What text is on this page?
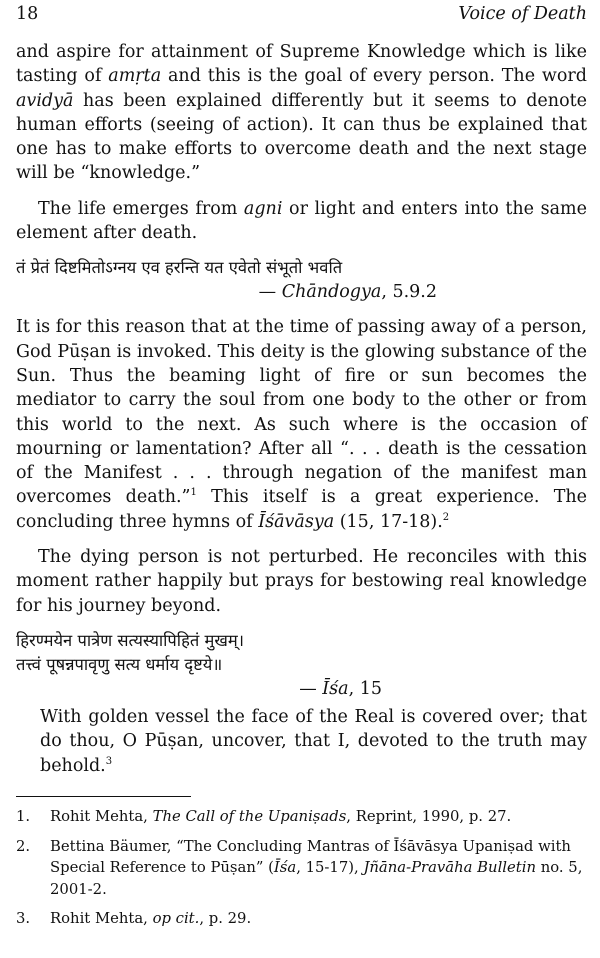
18	Voice of Death

and aspire for attainment of Supreme Knowledge which is like tasting of amṛta and this is the goal of every person. The word avidyā has been explained differently but it seems to denote human efforts (seeing of action). It can thus be explained that one has to make efforts to overcome death and the next stage will be “knowledge.”

The life emerges from agni or light and enters into the same element after death.

तं प्रेतं दिष्टमितोऽग्नय एव हरन्ति यत एवेतो संभूतो भवति

— Chāndogya, 5.9.2

It is for this reason that at the time of passing away of a person, God Pūṣan is invoked. This deity is the glowing substance of the Sun. Thus the beaming light of fire or sun becomes the mediator to carry the soul from one body to the other or from this world to the next. As such where is the occasion of mourning or lamentation? After all “. . . death is the cessation of the Manifest . . . through negation of the manifest man overcomes death.”$^1$ This itself is a great experience. The concluding three hymns of Īśāvāsya (15, 17-18).$^2$

The dying person is not perturbed. He reconciles with this moment rather happily but prays for bestowing real knowledge for his journey beyond.

हिरण्मयेन पात्रेण सत्यस्यापिहितं मुखम्।

तत्त्वं पूषन्नपावृणु सत्य धर्माय दृष्टये॥

— Īśa, 15

With golden vessel the face of the Real is covered over; that do thou, O Pūṣan, uncover, that I, devoted to the truth may behold.$^3$

1.	Rohit Mehta, The Call of the Upaniṣads, Reprint, 1990, p. 27.
2.	Bettina Bäumer, “The Concluding Mantras of Īśāvāsya Upaniṣad with Special Reference to Pūṣan” (Īśa, 15-17), Jñāna-Pravāha Bulletin no. 5, 2001-2.
3.	Rohit Mehta, op cit., p. 29.
